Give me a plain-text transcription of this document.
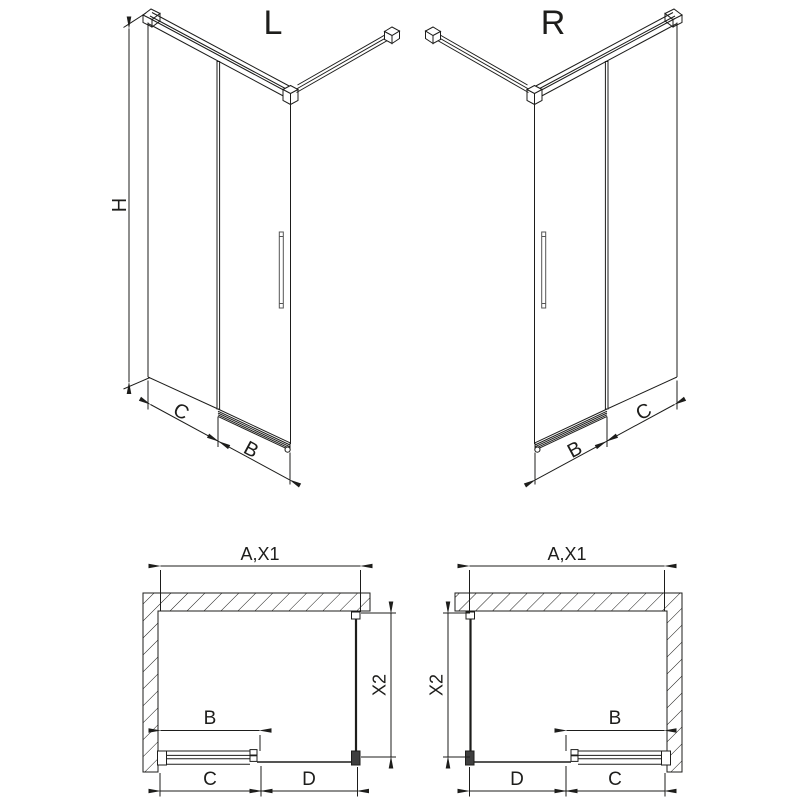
L
H
C
B
R
C
B
A,X1
X2
B
C	D
A,X1
X2
B
D	C
